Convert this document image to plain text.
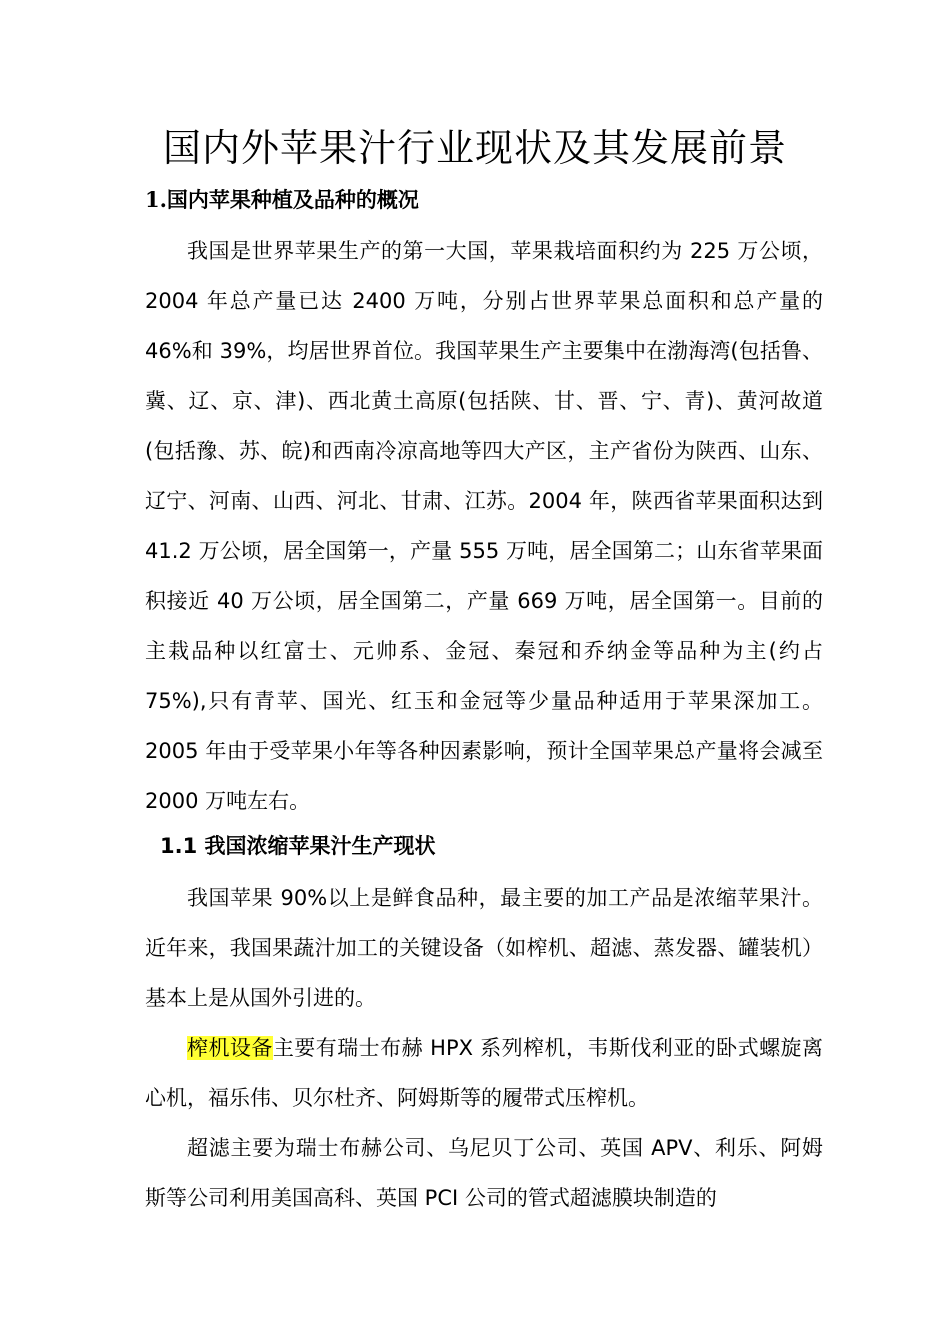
国内外苹果汁行业现状及其发展前景
1.国内苹果种植及品种的概况

我国是世界苹果生产的第一大国，苹果栽培面积约为 225 万公顷，2004 年总产量已达 2400 万吨，分别占世界苹果总面积和总产量的 46%和 39%，均居世界首位。我国苹果生产主要集中在渤海湾(包括鲁、冀、辽、京、津)、西北黄土高原(包括陕、甘、晋、宁、青)、黄河故道(包括豫、苏、皖)和西南冷凉高地等四大产区，主产省份为陕西、山东、辽宁、河南、山西、河北、甘肃、江苏。2004 年，陕西省苹果面积达到 41.2 万公顷，居全国第一，产量 555 万吨，居全国第二；山东省苹果面积接近 40 万公顷，居全国第二，产量 669 万吨，居全国第一。目前的主栽品种以红富士、元帅系、金冠、秦冠和乔纳金等品种为主(约占 75%),只有青苹、国光、红玉和金冠等少量品种适用于苹果深加工。2005 年由于受苹果小年等各种因素影响，预计全国苹果总产量将会减至 2000 万吨左右。

1.1 我国浓缩苹果汁生产现状

我国苹果 90%以上是鲜食品种，最主要的加工产品是浓缩苹果汁。近年来，我国果蔬汁加工的关键设备（如榨机、超滤、蒸发器、罐装机）基本上是从国外引进的。

榨机设备主要有瑞士布赫 HPX 系列榨机，韦斯伐利亚的卧式螺旋离心机，福乐伟、贝尔杜齐、阿姆斯等的履带式压榨机。

超滤主要为瑞士布赫公司、乌尼贝丁公司、英国 APV、利乐、阿姆斯等公司利用美国高科、英国 PCI 公司的管式超滤膜块制造的
